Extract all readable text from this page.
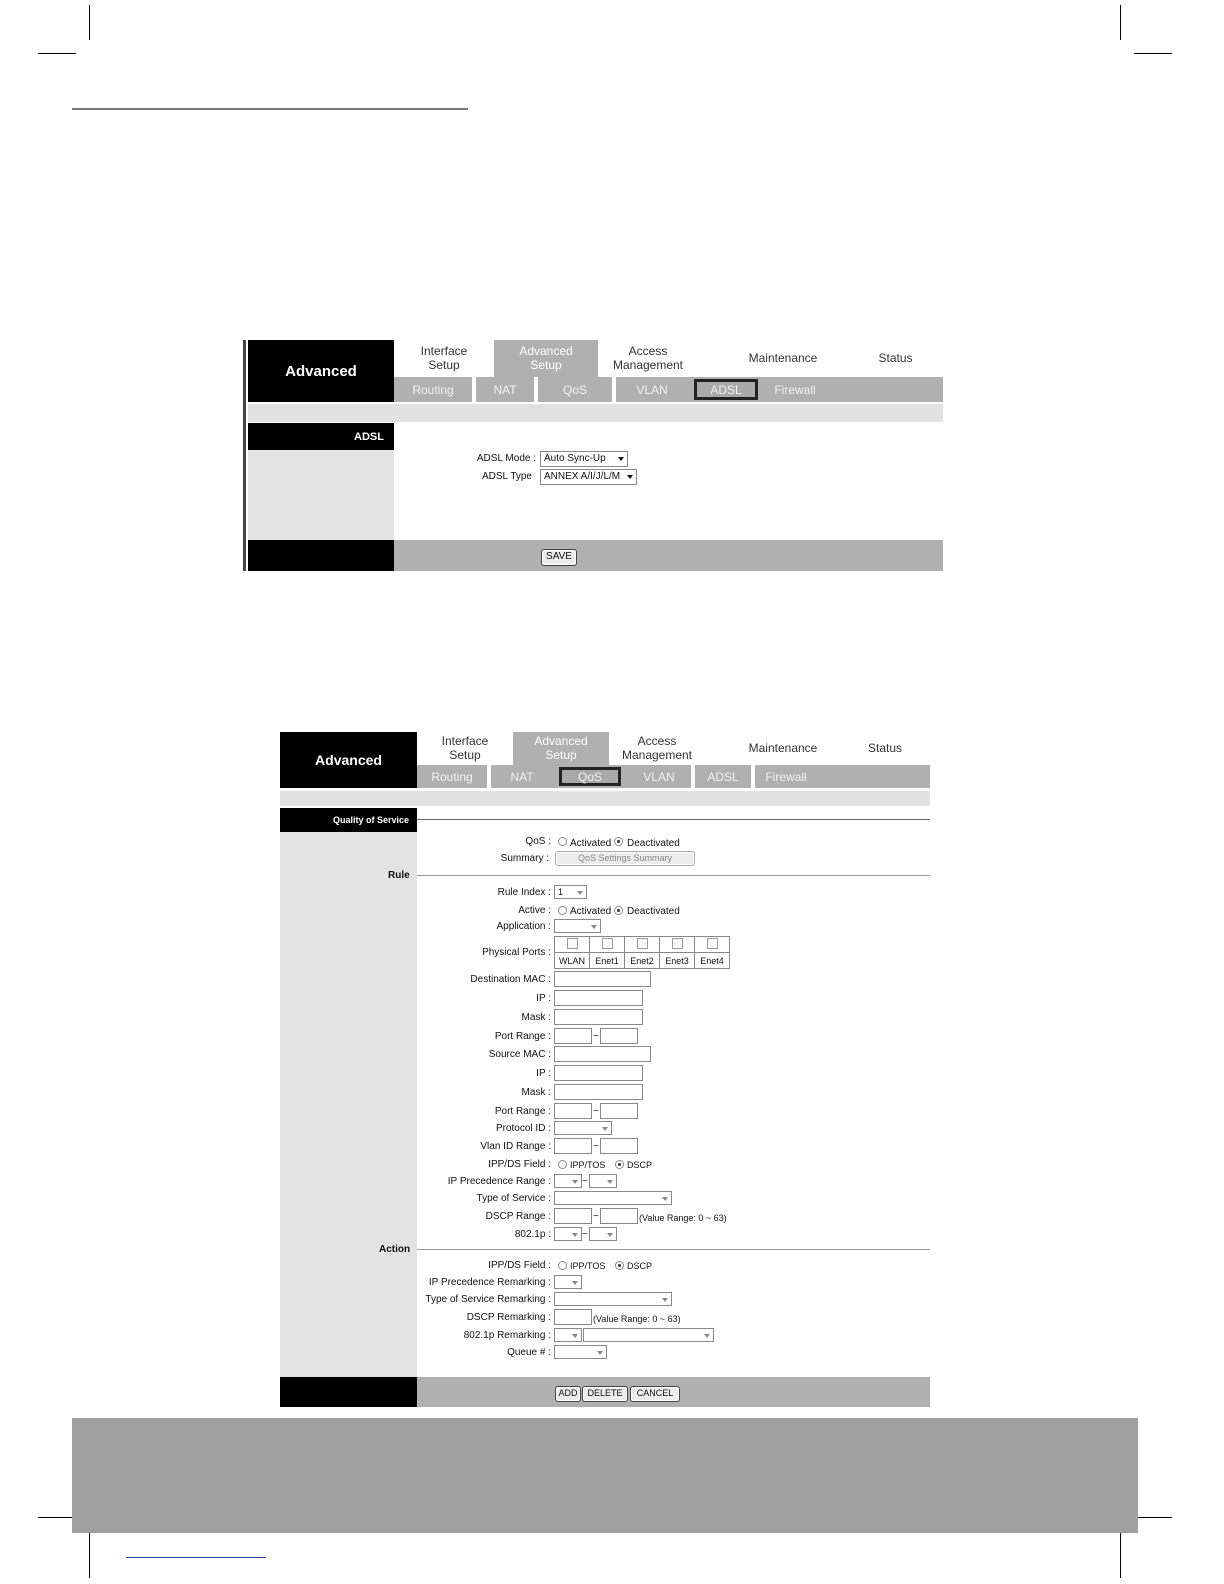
Advanced
Interface Setup
Advanced Setup
Access Management	Maintenance	Status
Routing	NAT	QoS	VLAN	ADSL	Firewall
ADSL
ADSL Mode : Auto Sync-Up
ADSL Type	ANNEX A/I/J/L/M
SAVE
Advanced
Interface Setup
Advanced Setup
Access Management	Maintenance	Status
Routing	NAT	QoS	VLAN	ADSL	Firewall
Quality of Service
QoS : Activated Deactivated
Summary :	QoS Settings Summary
Rule
Rule Index : 1
Active : Activated Deactivated
Application :
Physical Ports :

WLAN	Enet1	Enet2	Enet3	Enet4
Destination MAC :
IP :
Mask :
Port Range :	~
Source MAC :
IP :
Mask :
Port Range :	~
Protocol ID :
Vlan ID Range :	~
IPP/DS Field : IPP/TOS DSCP
IP Precedence Range :	~
Type of Service :
DSCP Range :	~	(Value Range: 0 ~ 63)
802.1p :	~
Action
IPP/DS Field : IPP/TOS DSCP
IP Precedence Remarking :
Type of Service Remarking :
DSCP Remarking :	(Value Range: 0 ~ 63)
802.1p Remarking :
Queue # :
ADD	DELETE	CANCEL
